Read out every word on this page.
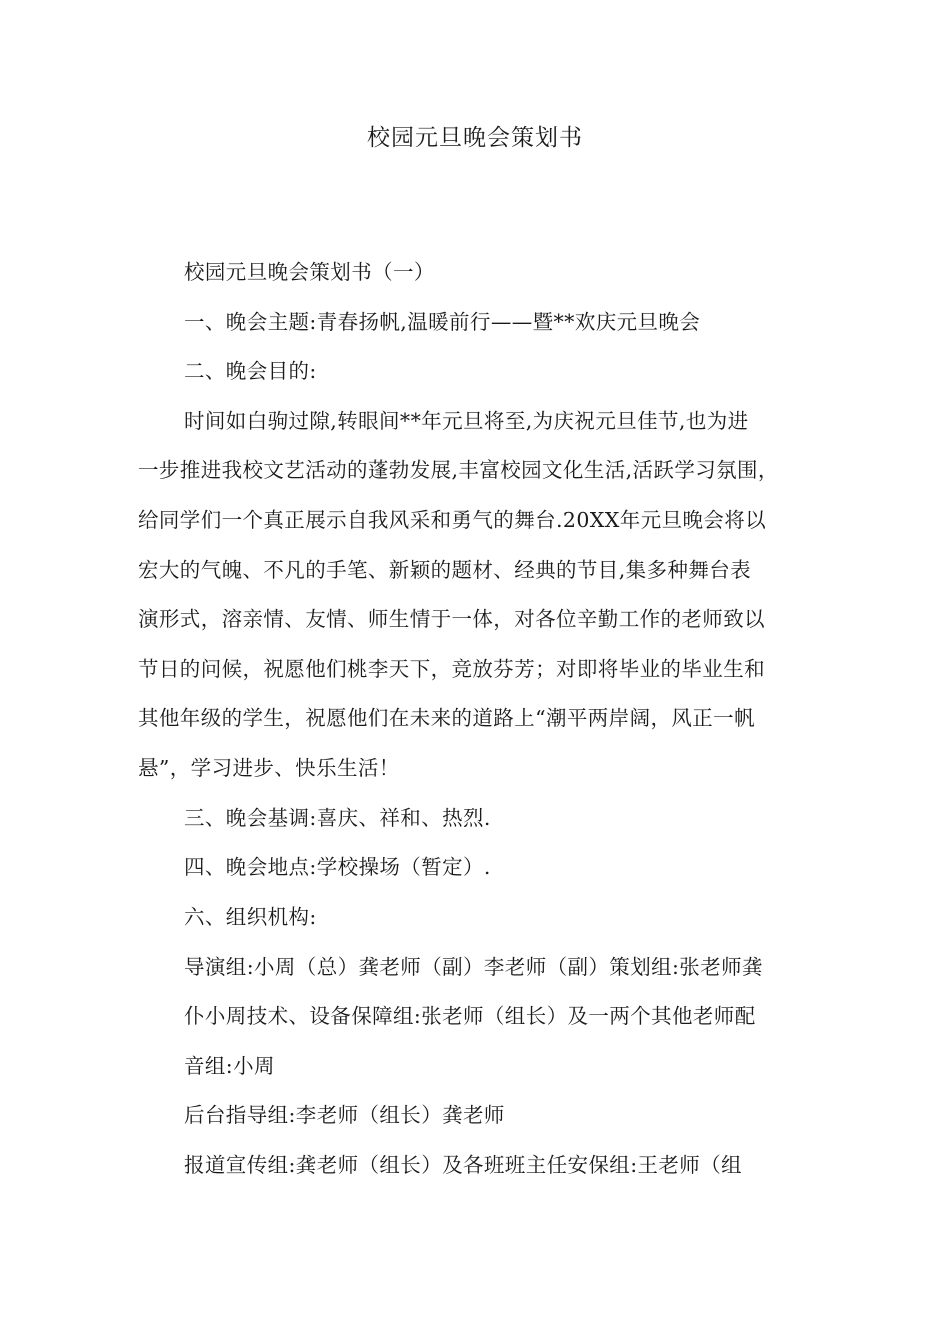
校园元旦晚会策划书
校园元旦晚会策划书（一）
一、晚会主题:青春扬帆,温暖前行——暨**欢庆元旦晚会
二、晚会目的:
时间如白驹过隙,转眼间**年元旦将至,为庆祝元旦佳节,也为进
一步推进我校文艺活动的蓬勃发展,丰富校园文化生活,活跃学习氛围，
给同学们一个真正展示自我风采和勇气的舞台.20XX年元旦晚会将以
宏大的气魄、不凡的手笔、新颖的题材、经典的节目,集多种舞台表
演形式，溶亲情、友情、师生情于一体，对各位辛勤工作的老师致以
节日的问候，祝愿他们桃李天下，竞放芬芳；对即将毕业的毕业生和
其他年级的学生，祝愿他们在未来的道路上“潮平两岸阔，风正一帆
悬”，学习进步、快乐生活！
三、晚会基调:喜庆、祥和、热烈.
四、晚会地点:学校操场（暂定）.
六、组织机构:
导演组:小周（总）龚老师（副）李老师（副）策划组:张老师龚
仆小周技术、设备保障组:张老师（组长）及一两个其他老师配
音组:小周
后台指导组:李老师（组长）龚老师
报道宣传组:龚老师（组长）及各班班主任安保组:王老师（组
